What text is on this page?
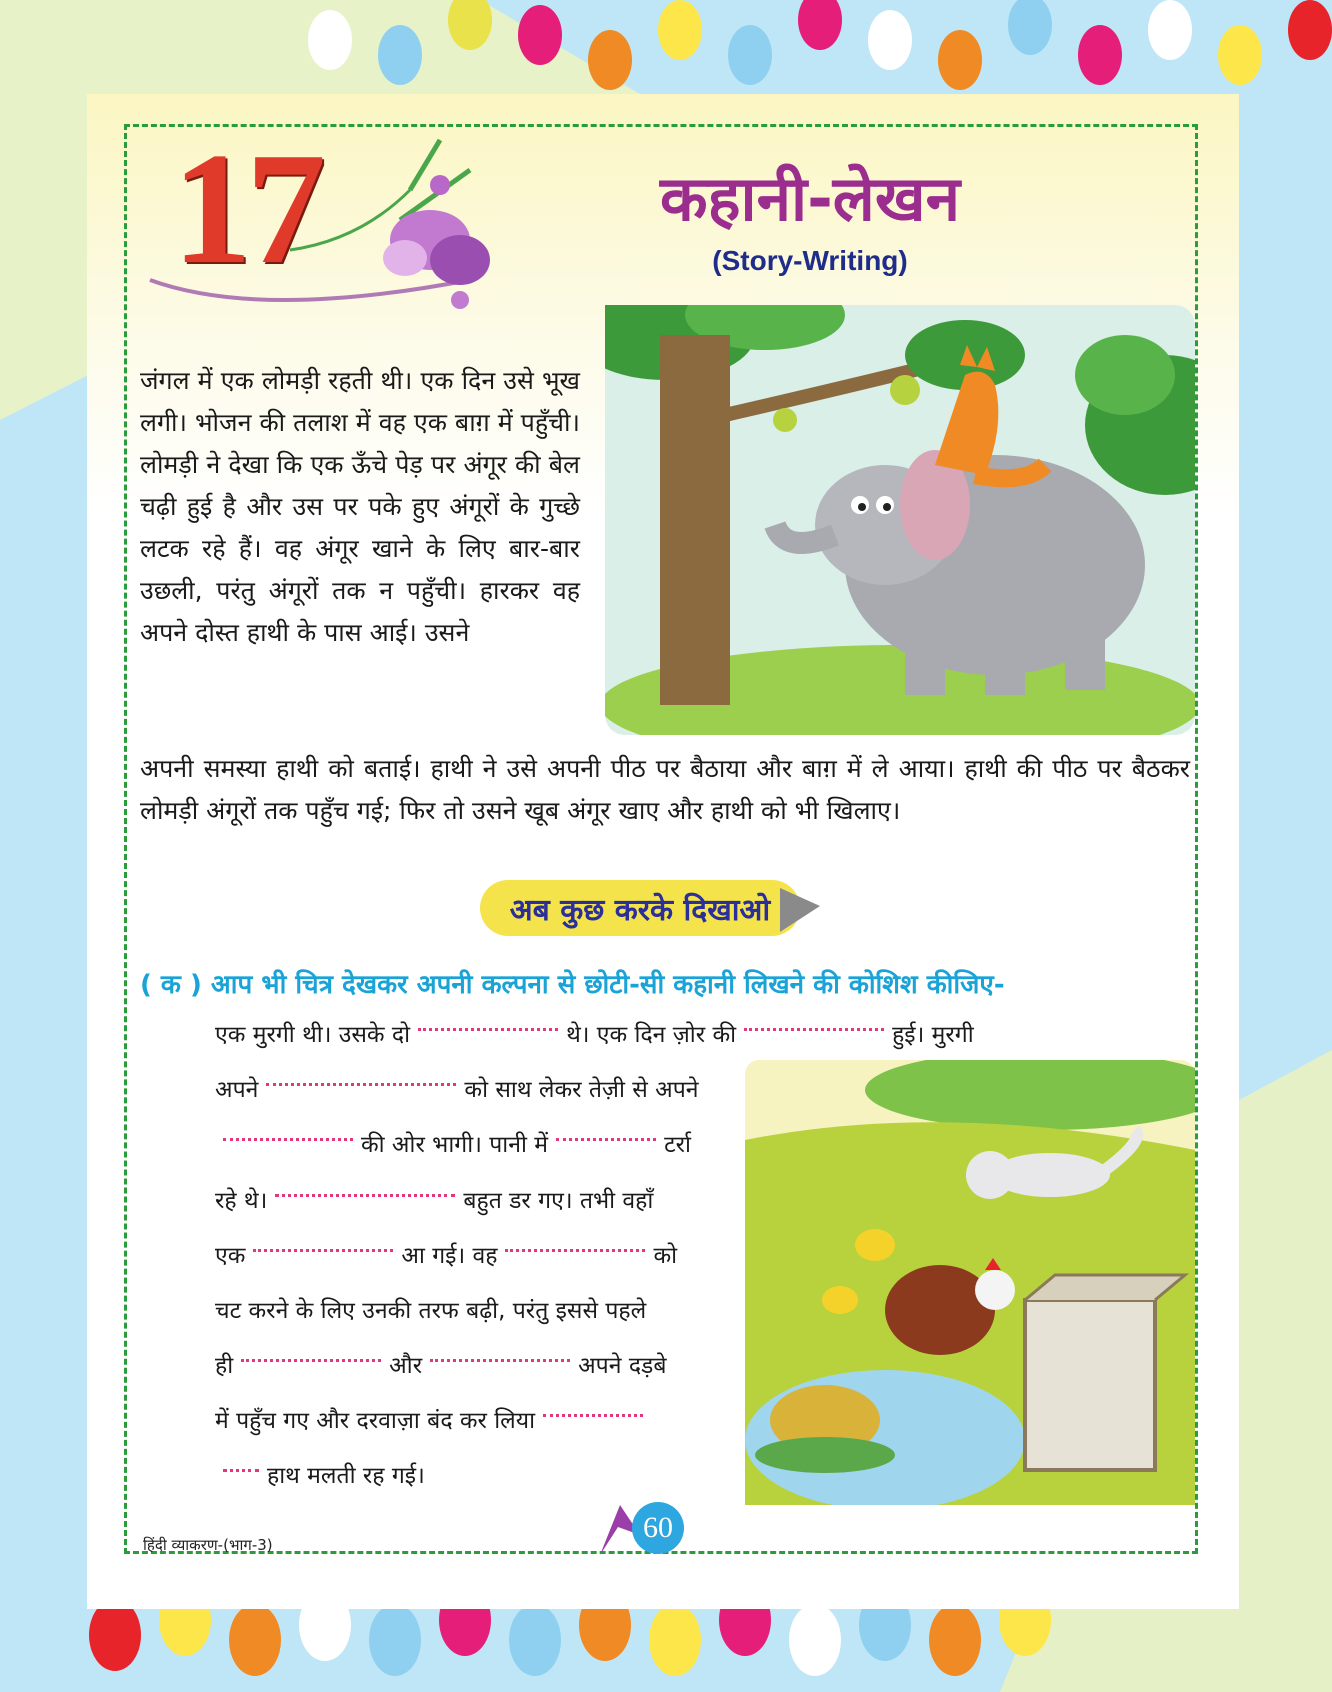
17	कहानी-लेखन
(Story-Writing)
जंगल में एक लोमड़ी रहती थी। एक दिन उसे भूख लगी। भोजन की तलाश में वह एक बाग़ में पहुँची। लोमड़ी ने देखा कि एक ऊँचे पेड़ पर अंगूर की बेल चढ़ी हुई है और उस पर पके हुए अंगूरों के गुच्छे लटक रहे हैं। वह अंगूर खाने के लिए बार-बार उछली, परंतु अंगूरों तक न पहुँची। हारकर वह अपने दोस्त हाथी के पास आई। उसने
अपनी समस्या हाथी को बताई। हाथी ने उसे अपनी पीठ पर बैठाया और बाग़ में ले आया। हाथी की पीठ पर बैठकर लोमड़ी अंगूरों तक पहुँच गई; फिर तो उसने खूब अंगूर खाए और हाथी को भी खिलाए।
अब कुछ करके दिखाओ
( क ) आप भी चित्र देखकर अपनी कल्पना से छोटी-सी कहानी लिखने की कोशिश कीजिए-
एक मुरगी थी। उसके दो	थे। एक दिन ज़ोर की	हुई। मुरगी
अपने	को साथ लेकर तेज़ी से अपने
की ओर भागी। पानी में	टर्रा
रहे थे।	बहुत डर गए। तभी वहाँ
एक	आ गई। वह	को
चट करने के लिए उनकी तरफ बढ़ी, परंतु इससे पहले
ही	और	अपने दड़बे
में पहुँच गए और दरवाज़ा बंद कर लिया
हाथ मलती रह गई।
हिंदी व्याकरण-(भाग-3)
60
